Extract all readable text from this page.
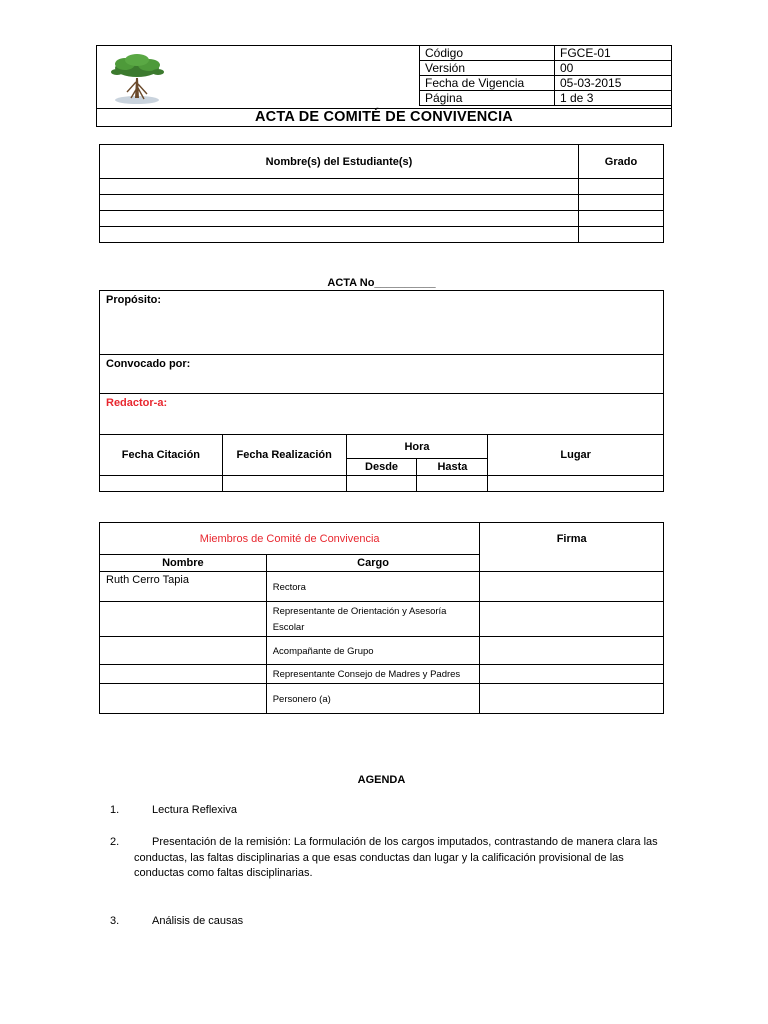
Código	FGCE-01
Versión	00
Fecha de Vigencia	05-03-2015
Página	1 de 3
ACTA DE COMITÉ DE CONVIVENCIA
Nombre(s) del Estudiante(s)	Grado

ACTA No__________
Propósito:				
Convocado por:				
Redactor-a:				
Fecha Citación	Fecha Realización	Hora		Lugar
		Desde	Hasta	

Miembros de Comité de Convivencia		Firma
Nombre	Cargo	
Ruth Cerro Tapia	Rectora	
	Representante de Orientación y Asesoría Escolar	
	Acompañante de Grupo	
	Representante Consejo de Madres y Padres	
	Personero (a)	
AGENDA
1.	Lectura Reflexiva
2.	Presentación de la remisión: La formulación de los cargos imputados, contrastando de manera clara las conductas, las faltas disciplinarias a que esas conductas dan lugar y la calificación provisional de las conductas como faltas disciplinarias.
3.	Análisis de causas
